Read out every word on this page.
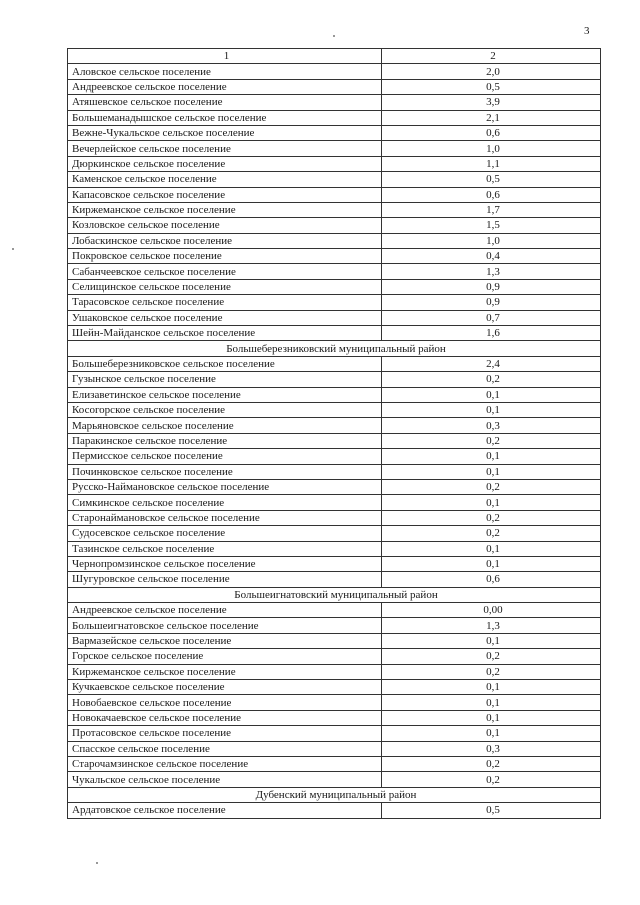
3
1	2
Аловское сельское поселение	2,0
Андреевское сельское поселение	0,5
Атяшевское сельское поселение	3,9
Большеманадышское сельское поселение	2,1
Вежне-Чукальское сельское поселение	0,6
Вечерлейское сельское поселение	1,0
Дюркинское сельское поселение	1,1
Каменское сельское поселение	0,5
Капасовское сельское поселение	0,6
Киржеманское сельское поселение	1,7
Козловское сельское поселение	1,5
Лобаскинское сельское поселение	1,0
Покровское сельское поселение	0,4
Сабанчеевское сельское поселение	1,3
Селищинское сельское поселение	0,9
Тарасовское сельское поселение	0,9
Ушаковское сельское поселение	0,7
Шейн-Майданское сельское поселение	1,6
Большеберезниковский муниципальный район	
Большеберезниковское сельское поселение	2,4
Гузынское сельское поселение	0,2
Елизаветинское сельское поселение	0,1
Косогорское сельское поселение	0,1
Марьяновское сельское поселение	0,3
Паракинское сельское поселение	0,2
Пермисское сельское поселение	0,1
Починковское сельское поселение	0,1
Русско-Наймановское сельское поселение	0,2
Симкинское сельское поселение	0,1
Старонаймановское сельское поселение	0,2
Судосевское сельское поселение	0,2
Тазинское сельское поселение	0,1
Чернопромзинское сельское поселение	0,1
Шугуровское сельское поселение	0,6
Большеигнатовский муниципальный район	
Андреевское сельское поселение	0,00
Большеигнатовское сельское поселение	1,3
Вармазейское сельское поселение	0,1
Горское сельское поселение	0,2
Киржеманское сельское поселение	0,2
Кучкаевское сельское поселение	0,1
Новобаевское сельское поселение	0,1
Новокачаевское сельское поселение	0,1
Протасовское сельское поселение	0,1
Спасское сельское поселение	0,3
Старочамзинское сельское поселение	0,2
Чукальское сельское поселение	0,2
Дубенский муниципальный район	
Ардатовское сельское поселение	0,5
